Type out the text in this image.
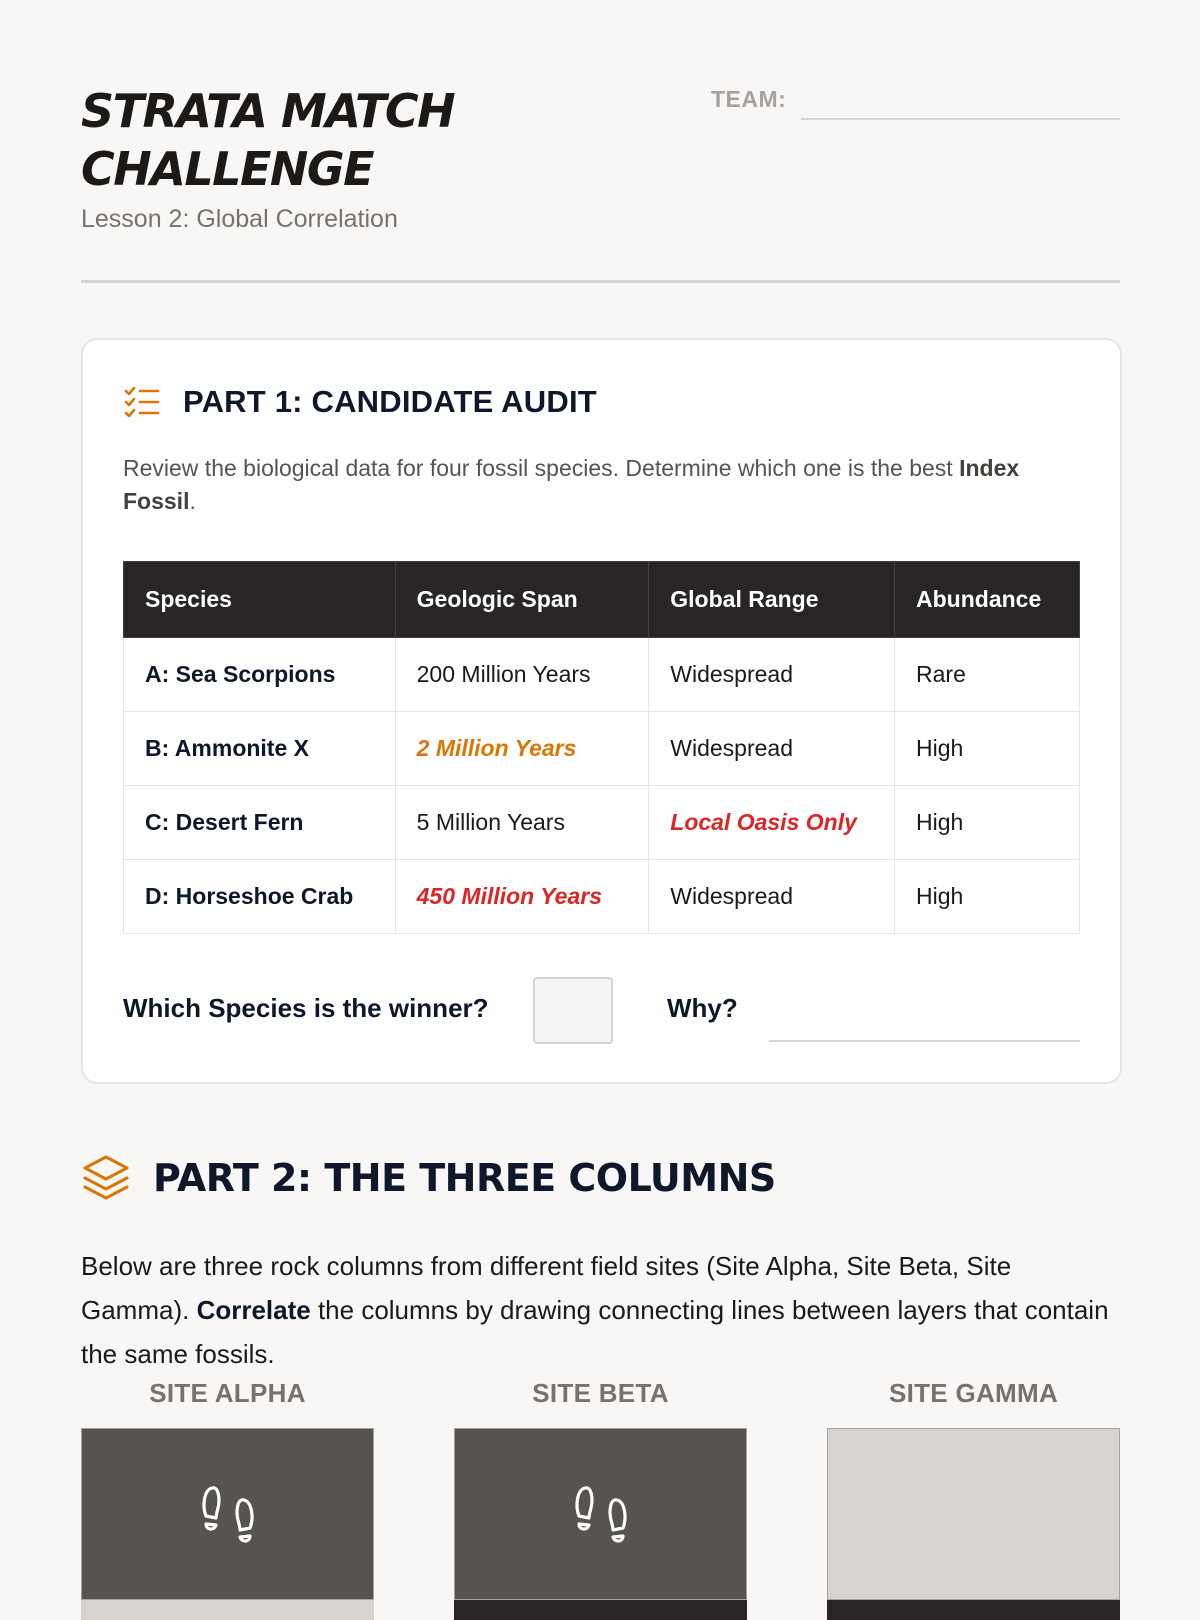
STRATA MATCH CHALLENGE

Lesson 2: Global Correlation

TEAM:
PART 1: CANDIDATE AUDIT

Review the biological data for four fossil species. Determine which one is the best Index Fossil.

Species	Geologic Span	Global Range	Abundance
A: Sea Scorpions	200 Million Years	Widespread	Rare
B: Ammonite X	2 Million Years	Widespread	High
C: Desert Fern	5 Million Years	Local Oasis Only	High
D: Horseshoe Crab	450 Million Years	Widespread	High
Which Species is the winner?	Why?
PART 2: THE THREE COLUMNS

Below are three rock columns from different field sites (Site Alpha, Site Beta, Site Gamma). Correlate the columns by drawing connecting lines between layers that contain the same fossils.

SITE ALPHA	SITE BETA	SITE GAMMA
